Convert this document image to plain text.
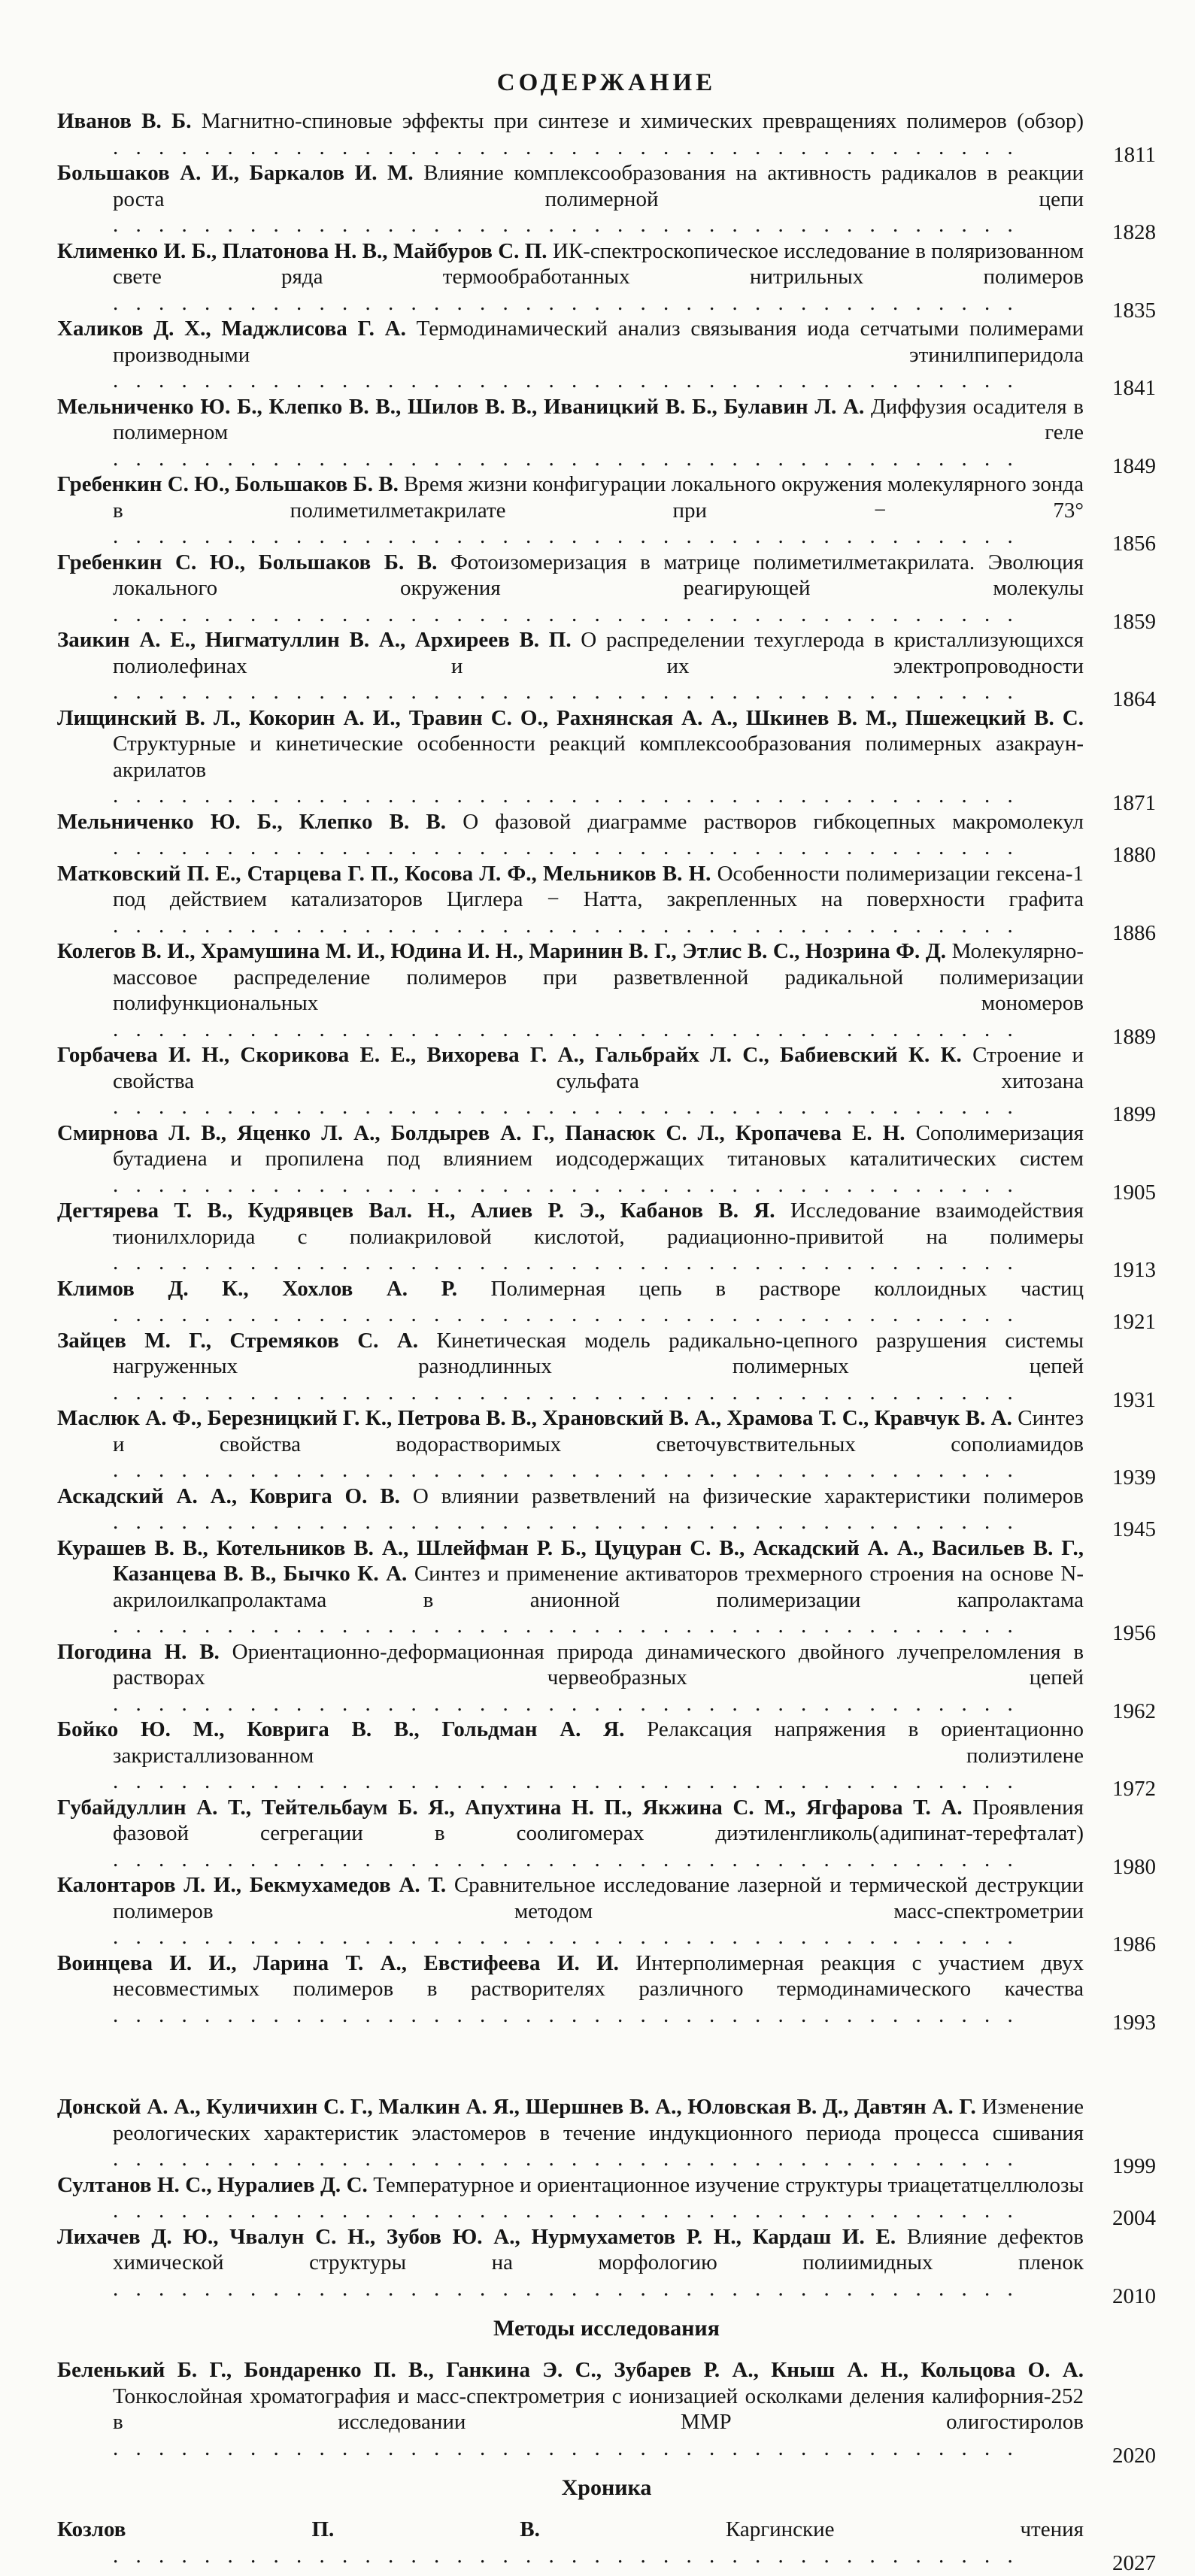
СОДЕРЖАНИЕ
Иванов В. Б. Магнитно-спиновые эффекты при синтезе и химических превращениях полимеров (обзор) . . . . . . . . . . . . . . . . . . . . . . . . . . . . . . . . . . . . . . . .	1811
Большаков А. И., Баркалов И. М. Влияние комплексообразования на активность радикалов в реакции роста полимерной цепи . . . . . . . . . . . . . . . . . . . . . . . . . . . . . . . . . . . . . . . .	1828
Клименко И. Б., Платонова Н. В., Майбуров С. П. ИК-спектроскопическое исследование в поляризованном свете ряда термообработанных нитрильных полимеров . . . . . . . . . . . . . . . . . . . . . . . . . . . . . . . . . . . . . . . .	1835
Халиков Д. Х., Маджлисова Г. А. Термодинамический анализ связывания иода сетчатыми полимерами производными этинилпиперидола . . . . . . . . . . . . . . . . . . . . . . . . . . . . . . . . . . . . . . . .	1841
Мельниченко Ю. Б., Клепко В. В., Шилов В. В., Иваницкий В. Б., Булавин Л. А. Диффузия осадителя в полимерном геле . . . . . . . . . . . . . . . . . . . . . . . . . . . . . . . . . . . . . . . .	1849
Гребенкин С. Ю., Большаков Б. В. Время жизни конфигурации локального окружения молекулярного зонда в полиметилметакрилате при − 73° . . . . . . . . . . . . . . . . . . . . . . . . . . . . . . . . . . . . . . . .	1856
Гребенкин С. Ю., Большаков Б. В. Фотоизомеризация в матрице полиметилметакрилата. Эволюция локального окружения реагирующей молекулы . . . . . . . . . . . . . . . . . . . . . . . . . . . . . . . . . . . . . . . .	1859
Заикин А. Е., Нигматуллин В. А., Архиреев В. П. О распределении техуглерода в кристаллизующихся полиолефинах и их электропроводности . . . . . . . . . . . . . . . . . . . . . . . . . . . . . . . . . . . . . . . .	1864
Лищинский В. Л., Кокорин А. И., Травин С. О., Рахнянская А. А., Шкинев В. М., Пшежецкий В. С. Структурные и кинетические особенности реакций комплексообразования полимерных азакраун-акрилатов . . . . . . . . . . . . . . . . . . . . . . . . . . . . . . . . . . . . . . . .	1871
Мельниченко Ю. Б., Клепко В. В. О фазовой диаграмме растворов гибкоцепных макромолекул . . . . . . . . . . . . . . . . . . . . . . . . . . . . . . . . . . . . . . . .	1880
Матковский П. Е., Старцева Г. П., Косова Л. Ф., Мельников В. Н. Особенности полимеризации гексена-1 под действием катализаторов Циглера − Натта, закрепленных на поверхности графита . . . . . . . . . . . . . . . . . . . . . . . . . . . . . . . . . . . . . . . .	1886
Колегов В. И., Храмушина М. И., Юдина И. Н., Маринин В. Г., Этлис В. С., Нозрина Ф. Д. Молекулярно-массовое распределение полимеров при разветвленной радикальной полимеризации полифункциональных мономеров . . . . . . . . . . . . . . . . . . . . . . . . . . . . . . . . . . . . . . . .	1889
Горбачева И. Н., Скорикова Е. Е., Вихорева Г. А., Гальбрайх Л. С., Бабиевский К. К. Строение и свойства сульфата хитозана . . . . . . . . . . . . . . . . . . . . . . . . . . . . . . . . . . . . . . . .	1899
Смирнова Л. В., Яценко Л. А., Болдырев А. Г., Панасюк С. Л., Кропачева Е. Н. Сополимеризация бутадиена и пропилена под влиянием иодсодержащих титановых каталитических систем . . . . . . . . . . . . . . . . . . . . . . . . . . . . . . . . . . . . . . . .	1905
Дегтярева Т. В., Кудрявцев Вал. Н., Алиев Р. Э., Кабанов В. Я. Исследование взаимодействия тионилхлорида с полиакриловой кислотой, радиационно-привитой на полимеры . . . . . . . . . . . . . . . . . . . . . . . . . . . . . . . . . . . . . . . .	1913
Климов Д. К., Хохлов А. Р. Полимерная цепь в растворе коллоидных частиц . . . . . . . . . . . . . . . . . . . . . . . . . . . . . . . . . . . . . . . .	1921
Зайцев М. Г., Стремяков С. А. Кинетическая модель радикально-цепного разрушения системы нагруженных разнодлинных полимерных цепей . . . . . . . . . . . . . . . . . . . . . . . . . . . . . . . . . . . . . . . .	1931
Маслюк А. Ф., Березницкий Г. К., Петрова В. В., Храновский В. А., Храмова Т. С., Кравчук В. А. Синтез и свойства водорастворимых светочувствительных сополиамидов . . . . . . . . . . . . . . . . . . . . . . . . . . . . . . . . . . . . . . . .	1939
Аскадский А. А., Коврига О. В. О влиянии разветвлений на физические характеристики полимеров . . . . . . . . . . . . . . . . . . . . . . . . . . . . . . . . . . . . . . . .	1945
Курашев В. В., Котельников В. А., Шлейфман Р. Б., Цуцуран С. В., Аскадский А. А., Васильев В. Г., Казанцева В. В., Бычко К. А. Синтез и применение активаторов трехмерного строения на основе N-акрилоилкапролактама в анионной полимеризации капролактама . . . . . . . . . . . . . . . . . . . . . . . . . . . . . . . . . . . . . . . .	1956
Погодина Н. В. Ориентационно-деформационная природа динамического двойного лучепреломления в растворах червеобразных цепей . . . . . . . . . . . . . . . . . . . . . . . . . . . . . . . . . . . . . . . .	1962
Бойко Ю. М., Коврига В. В., Гольдман А. Я. Релаксация напряжения в ориентационно закристаллизованном полиэтилене . . . . . . . . . . . . . . . . . . . . . . . . . . . . . . . . . . . . . . . .	1972
Губайдуллин А. Т., Тейтельбаум Б. Я., Апухтина Н. П., Якжина С. М., Ягфарова Т. А. Проявления фазовой сегрегации в соолигомерах диэтиленгликоль(адипинат-терефталат) . . . . . . . . . . . . . . . . . . . . . . . . . . . . . . . . . . . . . . . .	1980
Калонтаров Л. И., Бекмухамедов А. Т. Сравнительное исследование лазерной и термической деструкции полимеров методом масс-спектрометрии . . . . . . . . . . . . . . . . . . . . . . . . . . . . . . . . . . . . . . . .	1986
Воинцева И. И., Ларина Т. А., Евстифеева И. И. Интерполимерная реакция с участием двух несовместимых полимеров в растворителях различного термодинамического качества . . . . . . . . . . . . . . . . . . . . . . . . . . . . . . . . . . . . . . . .	1993
Донской А. А., Куличихин С. Г., Малкин А. Я., Шершнев В. А., Юловская В. Д., Давтян А. Г. Изменение реологических характеристик эластомеров в течение индукционного периода процесса сшивания . . . . . . . . . . . . . . . . . . . . . . . . . . . . . . . . . . . . . . . .	1999
Султанов Н. С., Нуралиев Д. С. Температурное и ориентационное изучение структуры триацетатцеллюлозы . . . . . . . . . . . . . . . . . . . . . . . . . . . . . . . . . . . . . . . .	2004
Лихачев Д. Ю., Чвалун С. Н., Зубов Ю. А., Нурмухаметов Р. Н., Кардаш И. Е. Влияние дефектов химической структуры на морфологию полиимидных пленок . . . . . . . . . . . . . . . . . . . . . . . . . . . . . . . . . . . . . . . .	2010
Методы исследования
Беленький Б. Г., Бондаренко П. В., Ганкина Э. С., Зубарев Р. А., Кныш А. Н., Кольцова О. А. Тонкослойная хроматография и масс-спектрометрия с ионизацией осколками деления калифорния-252 в исследовании ММР олигостиролов . . . . . . . . . . . . . . . . . . . . . . . . . . . . . . . . . . . . . . . .	2020
Хроника
Козлов П. В.	Каргинские чтения . . . . . . . . . . . . . . . . . . . . . . . . . . . . . . . . . . . . . . . .	2027
